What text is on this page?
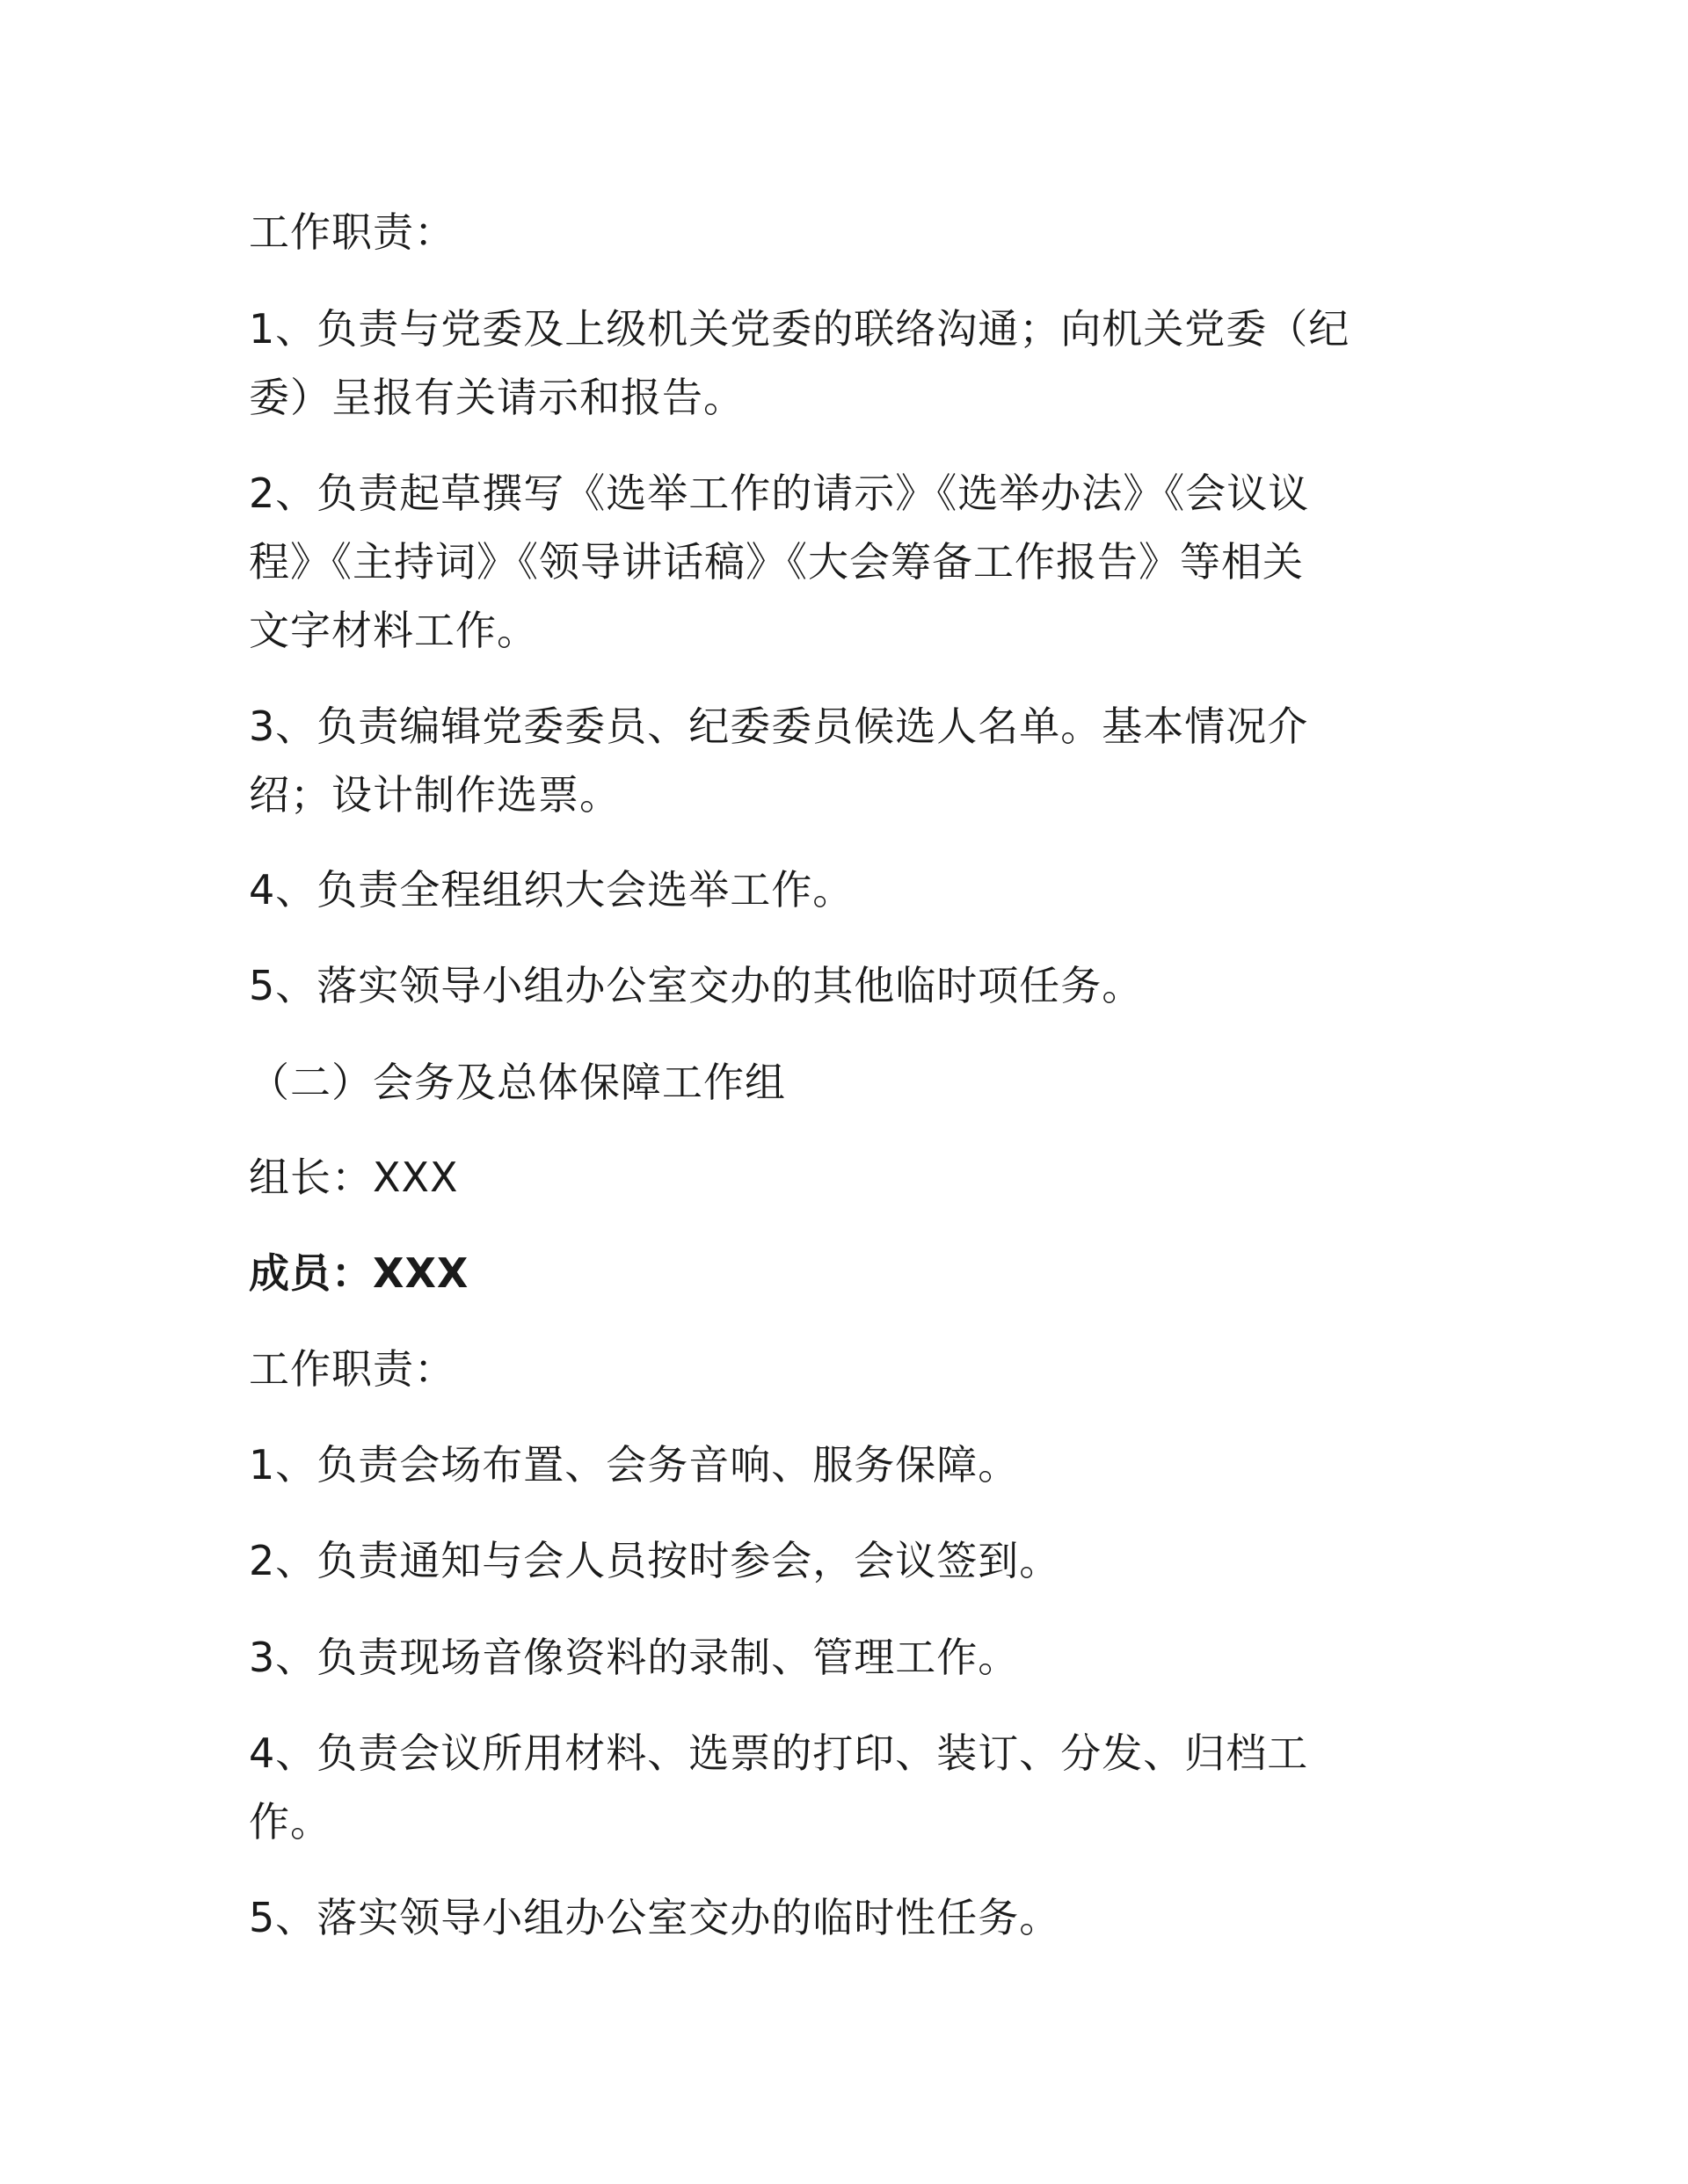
工作职责：

1、负责与党委及上级机关党委的联络沟通；向机关党委（纪
委）呈报有关请示和报告。

2、负责起草撰写《选举工作的请示》《选举办法》《会议议
程》《主持词》《领导讲话稿》《大会筹备工作报告》等相关
文字材料工作。

3、负责编辑党委委员、纪委委员候选人名单。基本情况介
绍；设计制作选票。

4、负责全程组织大会选举工作。

5、落实领导小组办公室交办的其他临时项任务。

（二）会务及总体保障工作组

组长：XXX

成员：XXX

工作职责：

1、负责会场布置、会务音响、服务保障。

2、负责通知与会人员按时参会，会议签到。

3、负责现场音像资料的录制、管理工作。

4、负责会议所用材料、选票的打印、装订、分发、归档工
作。

5、落实领导小组办公室交办的临时性任务。
